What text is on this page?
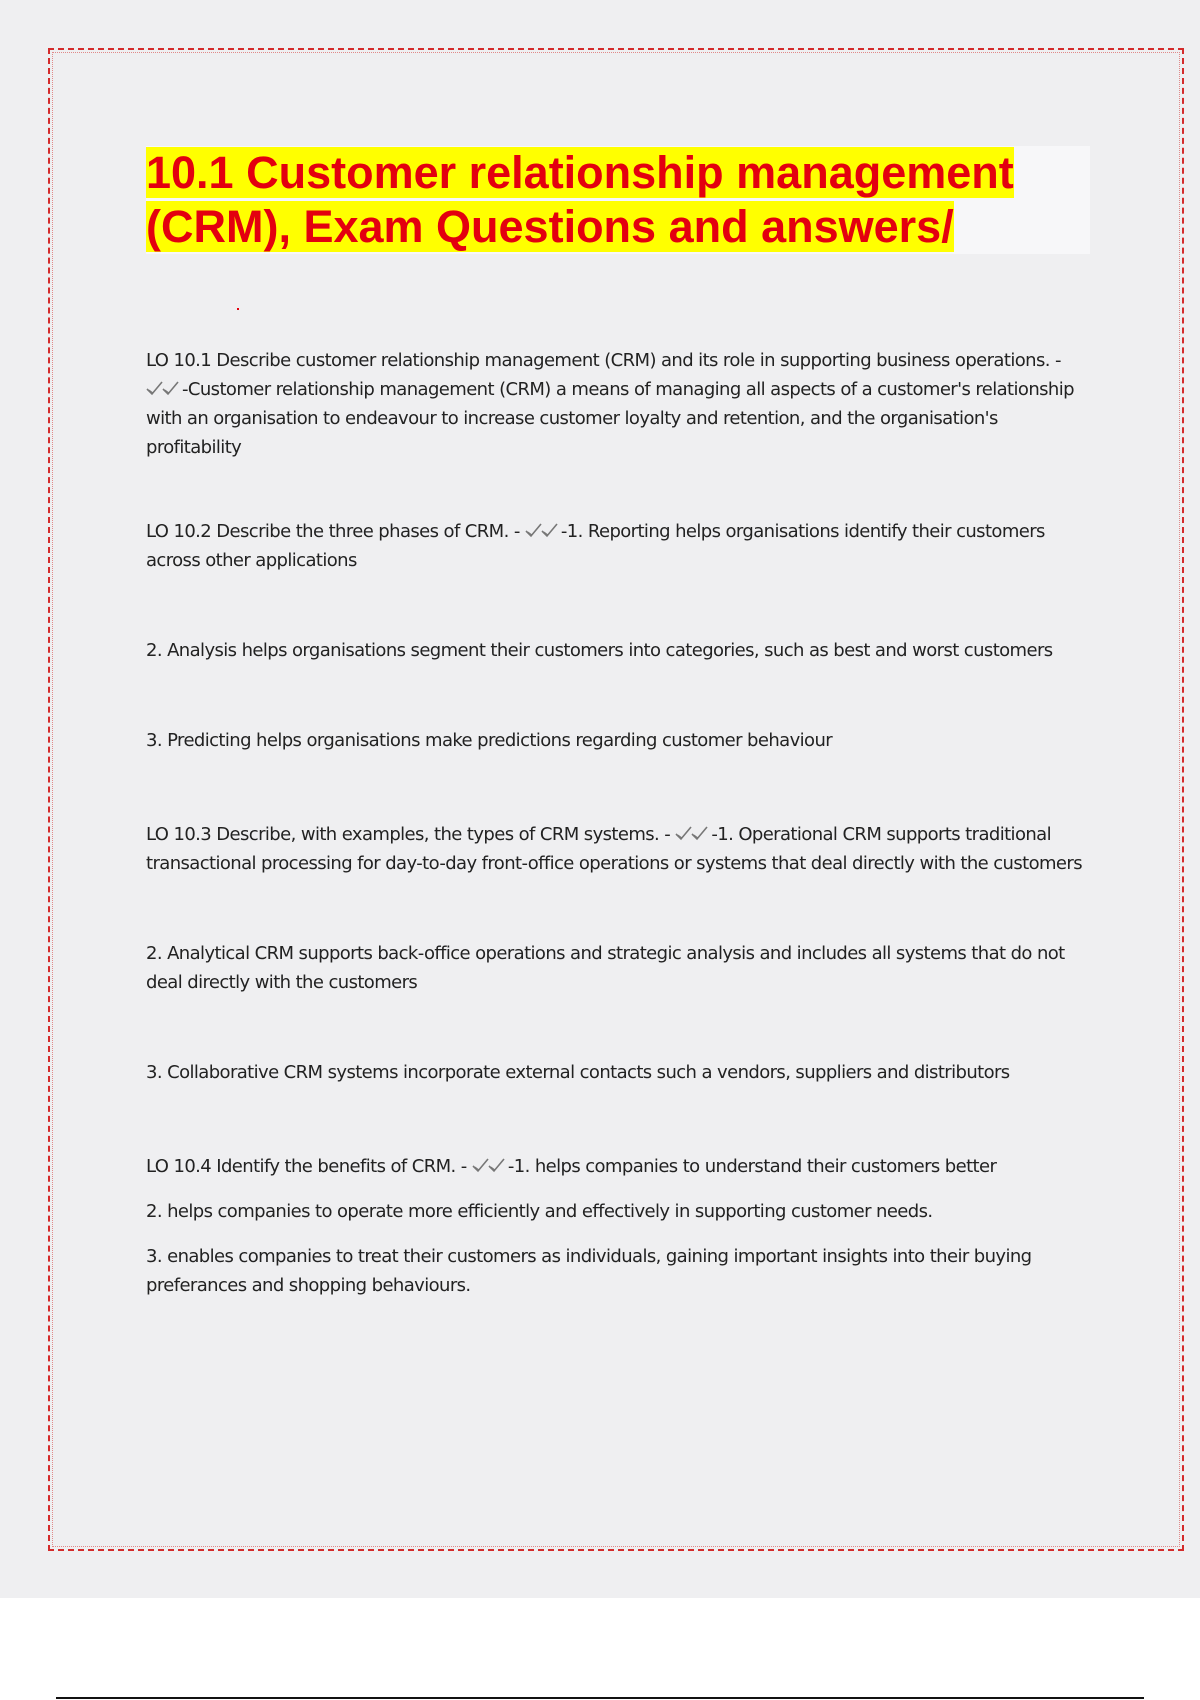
10.1 Customer relationship management (CRM), Exam Questions and answers/

LO 10.1 Describe customer relationship management (CRM) and its role in supporting business operations. - -Customer relationship management (CRM) a means of managing all aspects of a customer's relationship with an organisation to endeavour to increase customer loyalty and retention, and the organisation's profitability

LO 10.2 Describe the three phases of CRM. - -1. Reporting helps organisations identify their customers across other applications

2. Analysis helps organisations segment their customers into categories, such as best and worst customers

3. Predicting helps organisations make predictions regarding customer behaviour

LO 10.3 Describe, with examples, the types of CRM systems. - -1. Operational CRM supports traditional transactional processing for day-to-day front-office operations or systems that deal directly with the customers

2. Analytical CRM supports back-office operations and strategic analysis and includes all systems that do not deal directly with the customers

3. Collaborative CRM systems incorporate external contacts such a vendors, suppliers and distributors

LO 10.4 Identify the benefits of CRM. - -1. helps companies to understand their customers better

2. helps companies to operate more efficiently and effectively in supporting customer needs.

3. enables companies to treat their customers as individuals, gaining important insights into their buying preferances and shopping behaviours.
